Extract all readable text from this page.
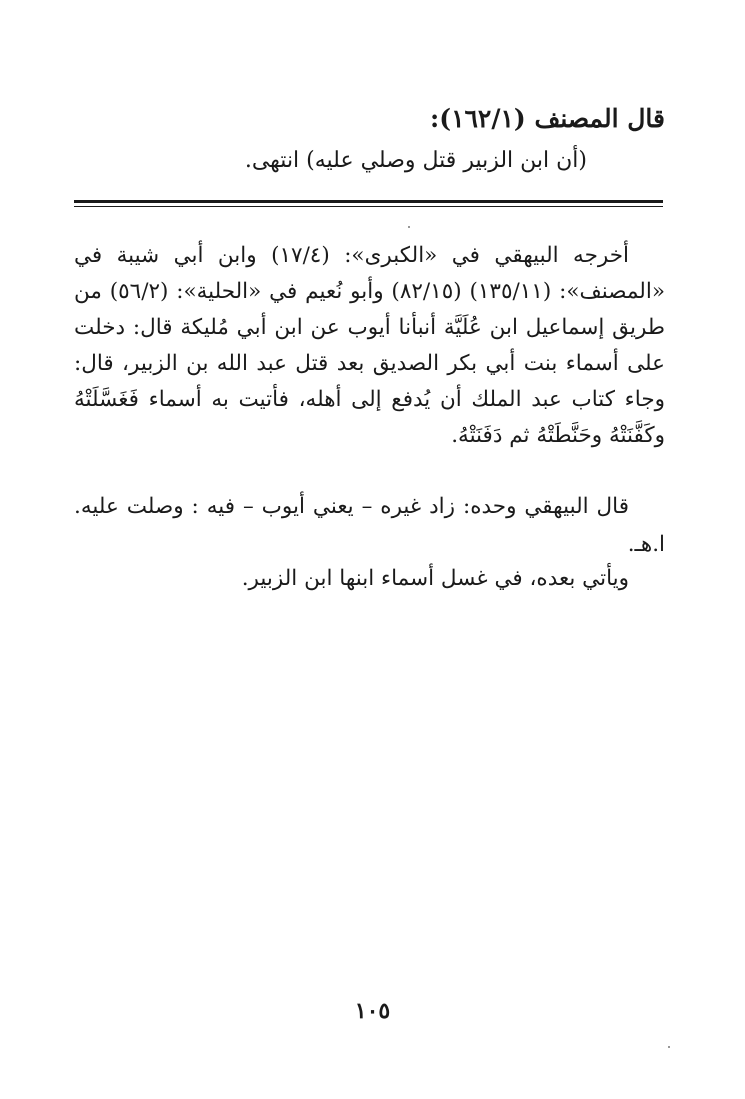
قال المصنف (١٦٢/١):
(أن ابن الزبير قتل وصلي عليه) انتهى.
أخرجه البيهقي في «الكبرى»: (١٧/٤) وابن أبي شيبة في «المصنف»: (١٣٥/١١) (٨٢/١٥) وأبو نُعيم في «الحلية»: (٥٦/٢) من طريق إسماعيل ابن عُلَيَّة أنبأنا أيوب عن ابن أبي مُليكة قال: دخلت على أسماء بنت أبي بكر الصديق بعد قتل عبد الله بن الزبير، قال: وجاء كتاب عبد الملك أن يُدفع إلى أهله، فأتيت به أسماء فَغَسَّلَتْهُ وكَفَّنَتْهُ وحَنَّطَتْهُ ثم دَفَنَتْهُ.
قال البيهقي وحده: زاد غيره – يعني أيوب – فيه : وصلت عليه. ا.هـ.
ويأتي بعده، في غسل أسماء ابنها ابن الزبير.
١٠٥
